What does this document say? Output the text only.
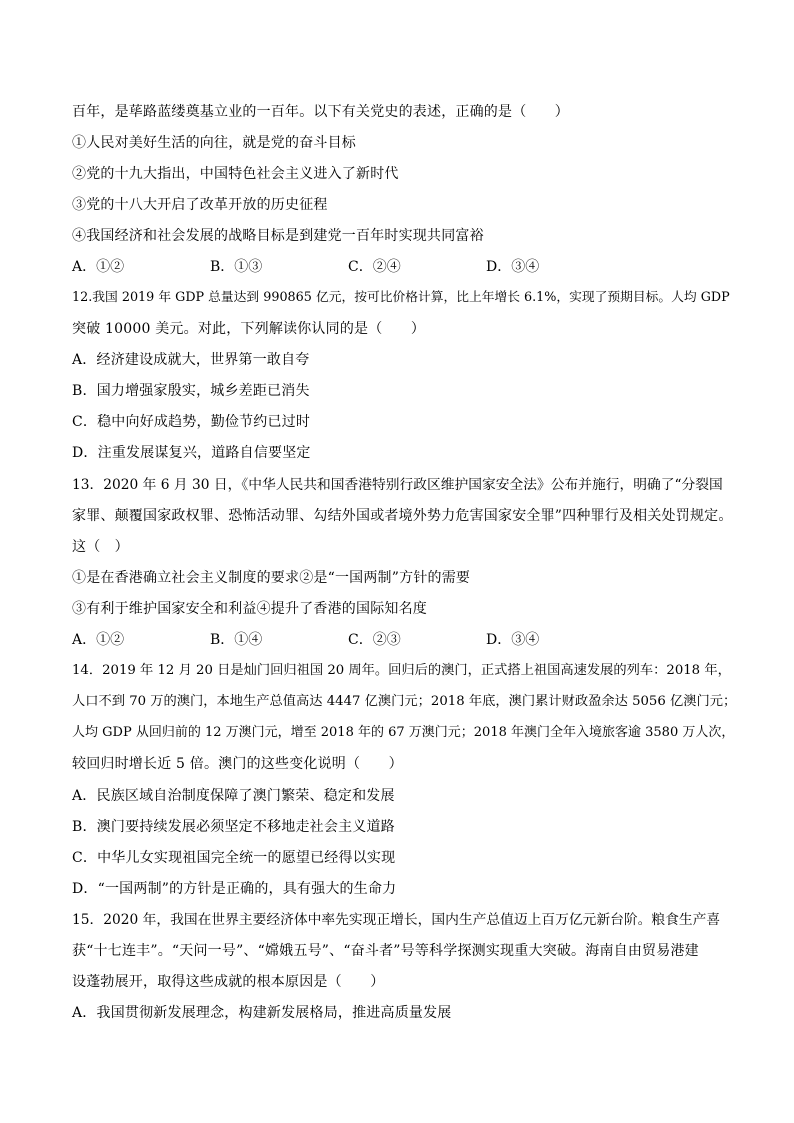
百年，是荜路蓝缕奠基立业的一百年。以下有关党史的表述，正确的是（　　）
①人民对美好生活的向往，就是党的奋斗目标
②党的十九大指出，中国特色社会主义进入了新时代
③党的十八大开启了改革开放的历史征程
④我国经济和社会发展的战略目标是到建党一百年时实现共同富裕
A．①②	B．①③	C．②④	D．③④
12.我国 2019 年 GDP 总量达到 990865 亿元，按可比价格计算，比上年增长 6.1%，实现了预期目标。人均 GDP
突破 10000 美元。对此，下列解读你认同的是（　　）
A．经济建设成就大，世界第一敢自夸
B．国力增强家殷实，城乡差距已消失
C．稳中向好成趋势，勤俭节约已过时
D．注重发展谋复兴，道路自信要坚定
13．2020 年 6 月 30 日，《中华人民共和国香港特别行政区维护国家安全法》公布并施行，明确了“分裂国
家罪、颠覆国家政权罪、恐怖活动罪、勾结外国或者境外势力危害国家安全罪”四种罪行及相关处罚规定。
这（　）
①是在香港确立社会主义制度的要求②是“一国两制”方针的需要
③有利于维护国家安全和利益④提升了香港的国际知名度
A．①②	B．①④	C．②③	D．③④
14．2019 年 12 月 20 日是灿门回归祖国 20 周年。回归后的澳门，正式搭上祖国高速发展的列车：2018 年，
人口不到 70 万的澳门，本地生产总值高达 4447 亿澳门元；2018 年底，澳门累计财政盈余达 5056 亿澳门元；
人均 GDP 从回归前的 12 万澳门元，增至 2018 年的 67 万澳门元；2018 年澳门全年入境旅客逾 3580 万人次，
较回归时增长近 5 倍。澳门的这些变化说明（　　）
A．民族区域自治制度保障了澳门繁荣、稳定和发展
B．澳门要持续发展必须坚定不移地走社会主义道路
C．中华儿女实现祖国完全统一的愿望已经得以实现
D．“一国两制”的方针是正确的，具有强大的生命力
15．2020 年，我国在世界主要经济体中率先实现正增长，国内生产总值迈上百万亿元新台阶。粮食生产喜
获“十七连丰”。“天问一号”、“嫦娥五号”、“奋斗者”号等科学探测实现重大突破。海南自由贸易港建
设蓬勃展开，取得这些成就的根本原因是（　　）
A．我国贯彻新发展理念，构建新发展格局，推进高质量发展
